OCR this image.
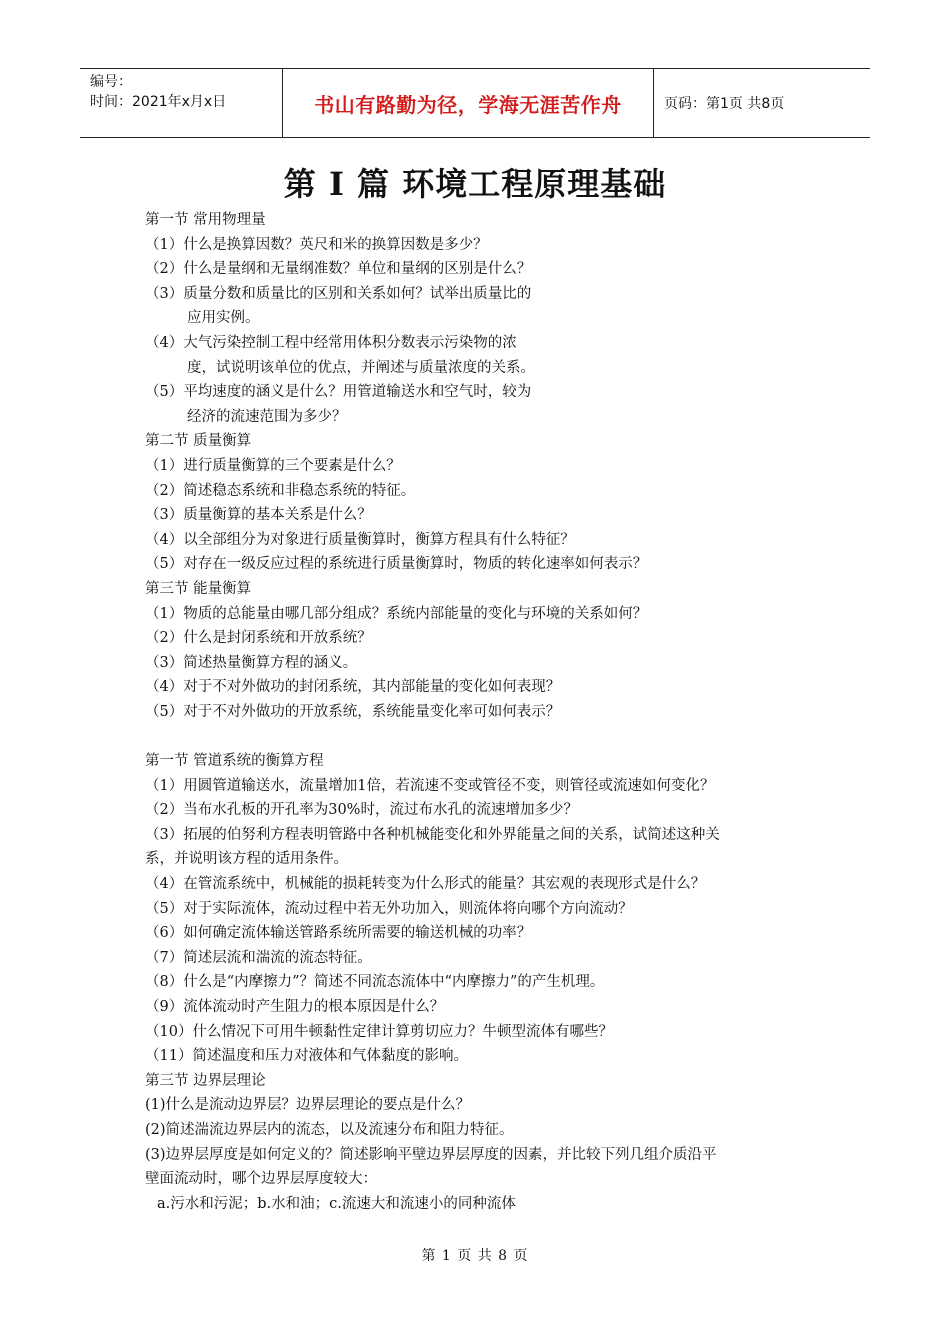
编号：
时间：2021年x月x日	书山有路勤为径，学海无涯苦作舟	页码：第1页 共8页
第 I 篇 环境工程原理基础
第一节 常用物理量
（1）什么是换算因数？英尺和米的换算因数是多少？
（2）什么是量纲和无量纲准数？单位和量纲的区别是什么？
（3）质量分数和质量比的区别和关系如何？试举出质量比的
应用实例。
（4）大气污染控制工程中经常用体积分数表示污染物的浓
度，试说明该单位的优点，并阐述与质量浓度的关系。
（5）平均速度的涵义是什么？用管道输送水和空气时，较为
经济的流速范围为多少？
第二节 质量衡算
（1）进行质量衡算的三个要素是什么？
（2）简述稳态系统和非稳态系统的特征。
（3）质量衡算的基本关系是什么？
（4）以全部组分为对象进行质量衡算时，衡算方程具有什么特征？
（5）对存在一级反应过程的系统进行质量衡算时，物质的转化速率如何表示？
第三节 能量衡算
（1）物质的总能量由哪几部分组成？系统内部能量的变化与环境的关系如何？
（2）什么是封闭系统和开放系统？
（3）简述热量衡算方程的涵义。
（4）对于不对外做功的封闭系统，其内部能量的变化如何表现？
（5）对于不对外做功的开放系统，系统能量变化率可如何表示？
第一节 管道系统的衡算方程
（1）用圆管道输送水，流量增加1倍，若流速不变或管径不变，则管径或流速如何变化？
（2）当布水孔板的开孔率为30%时，流过布水孔的流速增加多少？
（3）拓展的伯努利方程表明管路中各种机械能变化和外界能量之间的关系，试简述这种关
系，并说明该方程的适用条件。
（4）在管流系统中，机械能的损耗转变为什么形式的能量？其宏观的表现形式是什么？
（5）对于实际流体，流动过程中若无外功加入，则流体将向哪个方向流动？
（6）如何确定流体输送管路系统所需要的输送机械的功率？
（7）简述层流和湍流的流态特征。
（8）什么是“内摩擦力”？简述不同流态流体中“内摩擦力”的产生机理。
（9）流体流动时产生阻力的根本原因是什么？
（10）什么情况下可用牛顿黏性定律计算剪切应力？牛顿型流体有哪些？
（11）简述温度和压力对液体和气体黏度的影响。
第三节 边界层理论
(1)什么是流动边界层？边界层理论的要点是什么？
(2)简述湍流边界层内的流态，以及流速分布和阻力特征。
(3)边界层厚度是如何定义的？简述影响平壁边界层厚度的因素，并比较下列几组介质沿平
壁面流动时，哪个边界层厚度较大：
a.污水和污泥；b.水和油；c.流速大和流速小的同种流体
第 1 页 共 8 页
